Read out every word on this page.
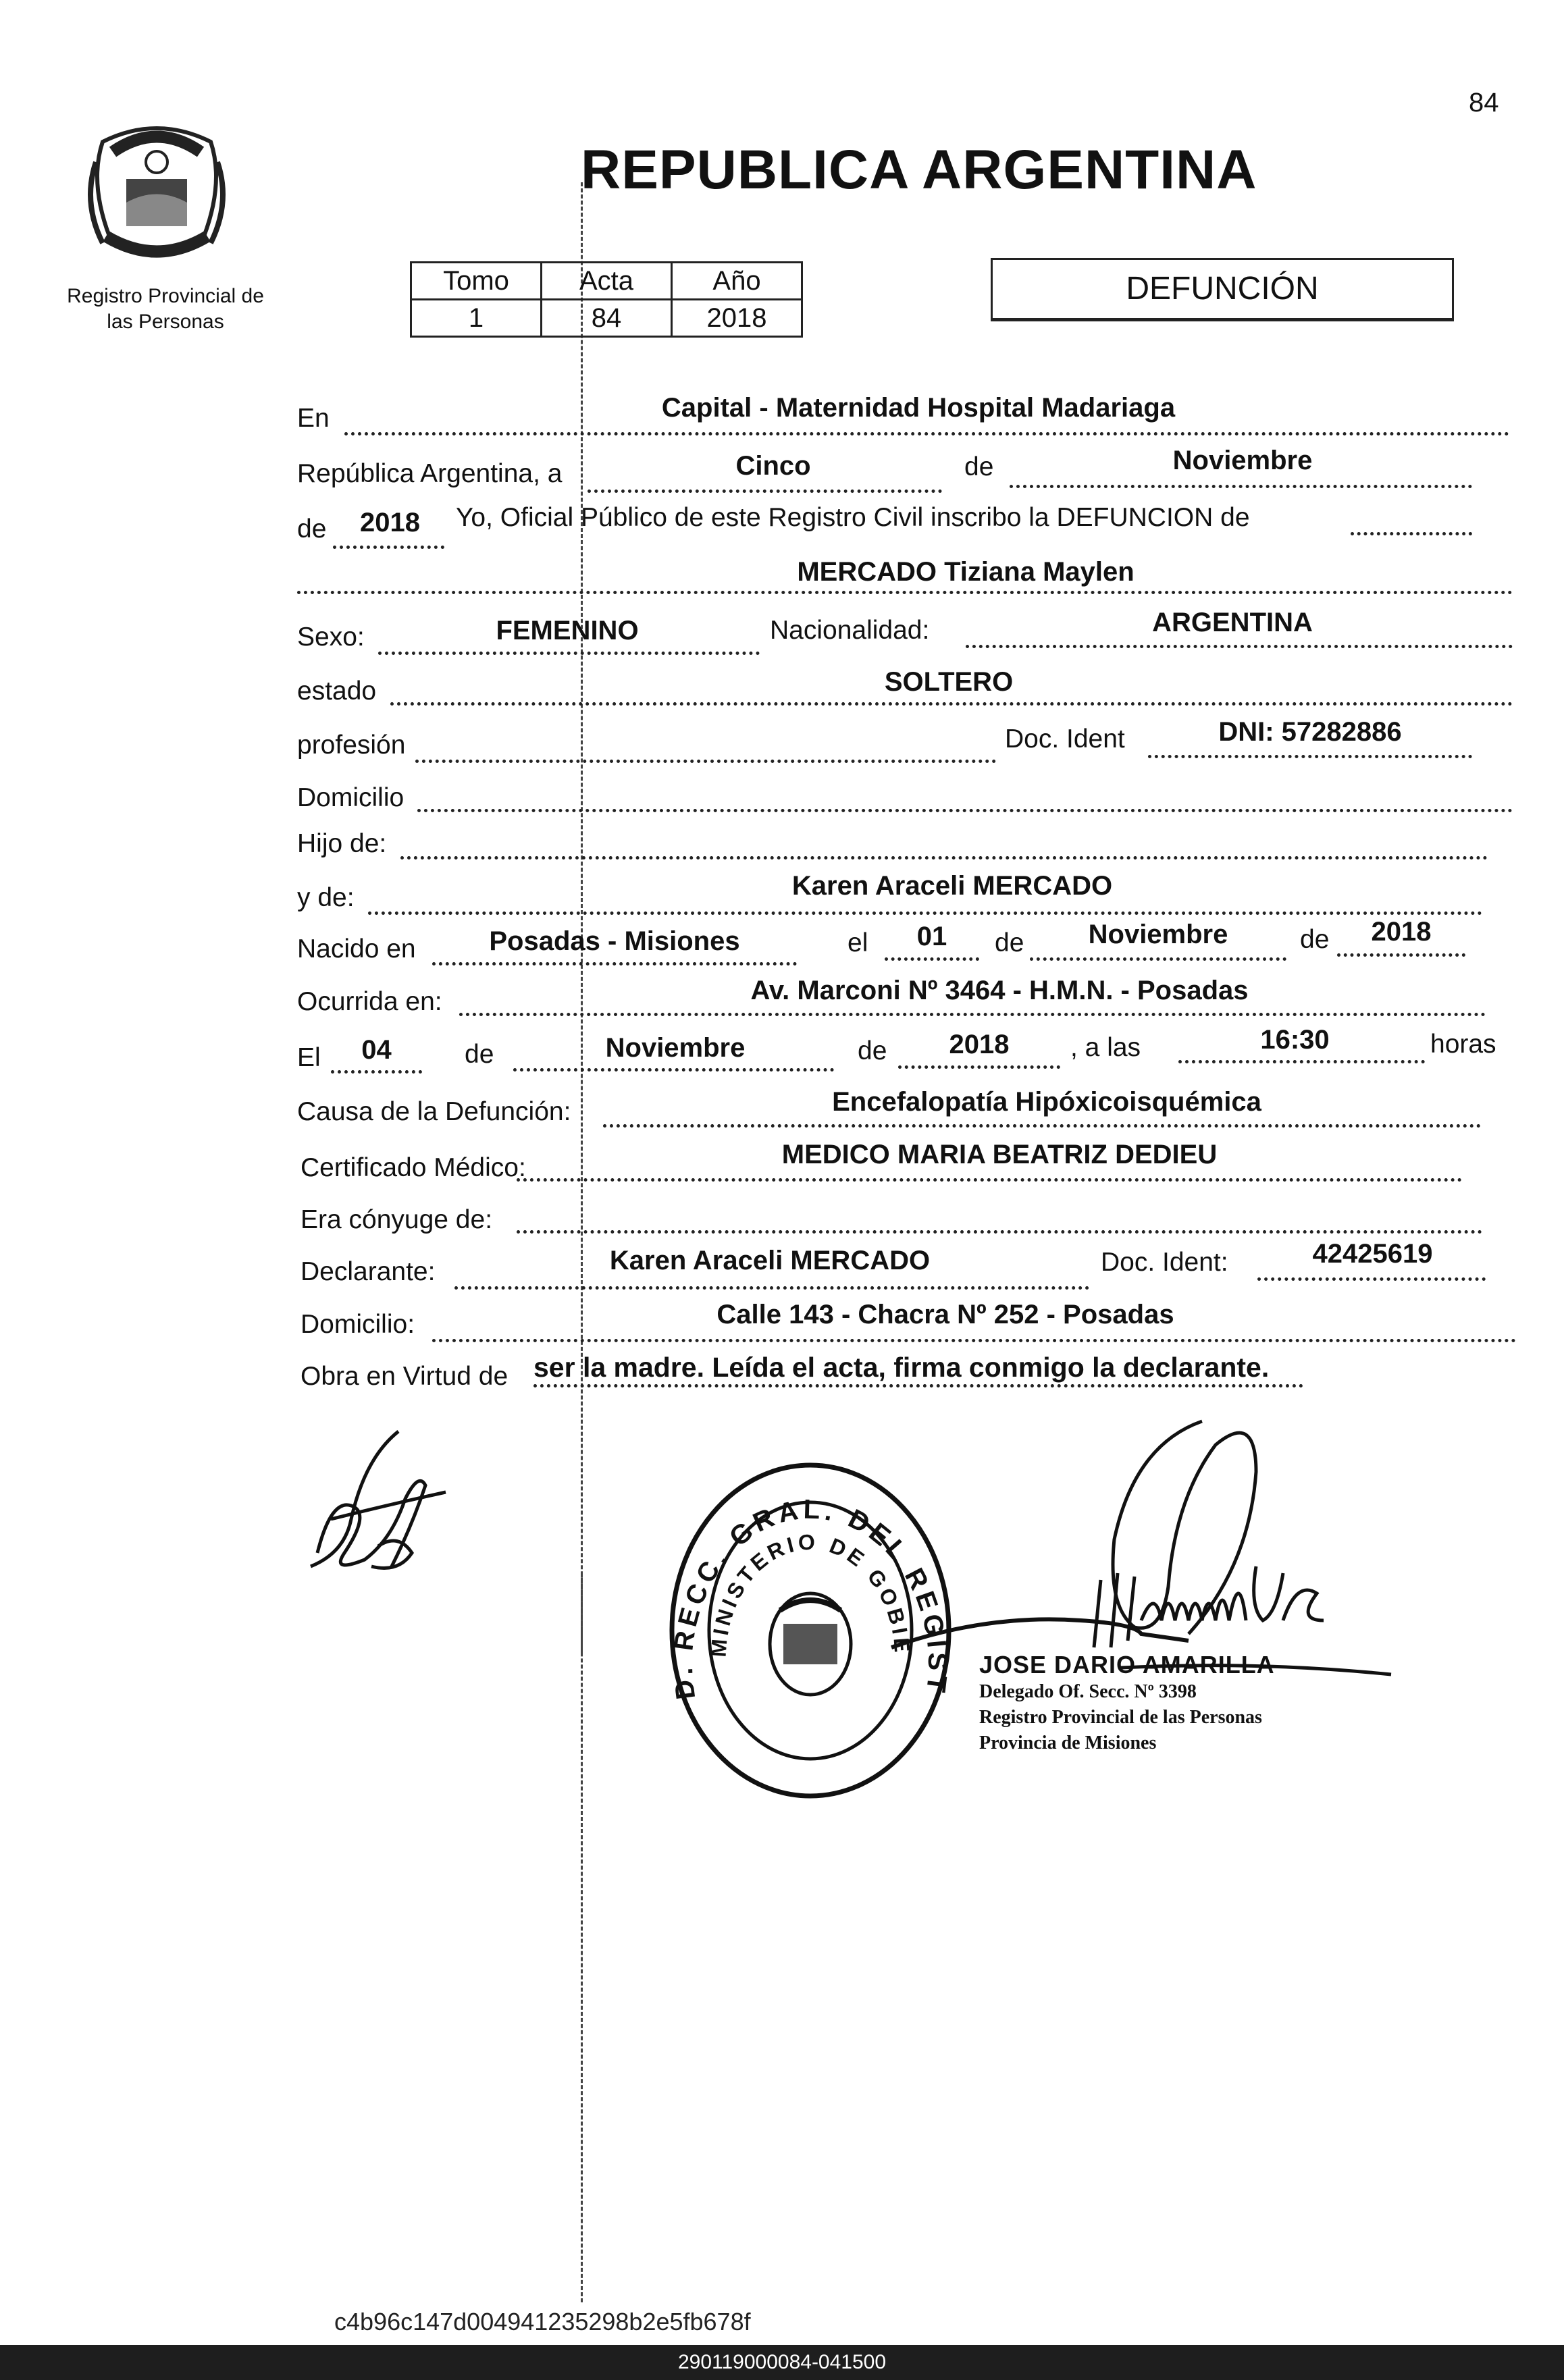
84
Registro Provincial de las Personas
REPUBLICA ARGENTINA
Tomo	Acta	Año
1	84	2018
DEFUNCIÓN
En	Capital - Maternidad Hospital Madariaga
República Argentina, a	Cinco	de	Noviembre
de	2018	Yo, Oficial Público de este Registro Civil inscribo la DEFUNCION de
MERCADO Tiziana Maylen
Sexo:	FEMENINO	Nacionalidad:	ARGENTINA
estado	SOLTERO
profesión	Doc. Ident	DNI: 57282886
Domicilio
Hijo de:
y de:	Karen Araceli MERCADO
Nacido en	Posadas - Misiones	el	01	de	Noviembre	de	2018
Ocurrida en:	Av. Marconi Nº 3464 - H.M.N. - Posadas
El	04	de	Noviembre	de	2018	, a las	16:30	horas
Causa de la Defunción:	Encefalopatía Hipóxicoisquémica
Certificado Médico:	MEDICO MARIA BEATRIZ DEDIEU
Era cónyuge de:
Declarante:	Karen Araceli MERCADO	Doc. Ident:	42425619
Domicilio:	Calle 143 - Chacra Nº 252 - Posadas
Obra en Virtud de ser la madre. Leída el acta, firma conmigo la declarante.
D. RECC. GRAL. DEL REGIST
MINISTERIO DE GOBIE
JOSE DARIO AMARILLA
Delegado Of. Secc. Nº 3398
Registro Provincial de las Personas
Provincia de Misiones
c4b96c147d004941235298b2e5fb678f
290119000084-041500
